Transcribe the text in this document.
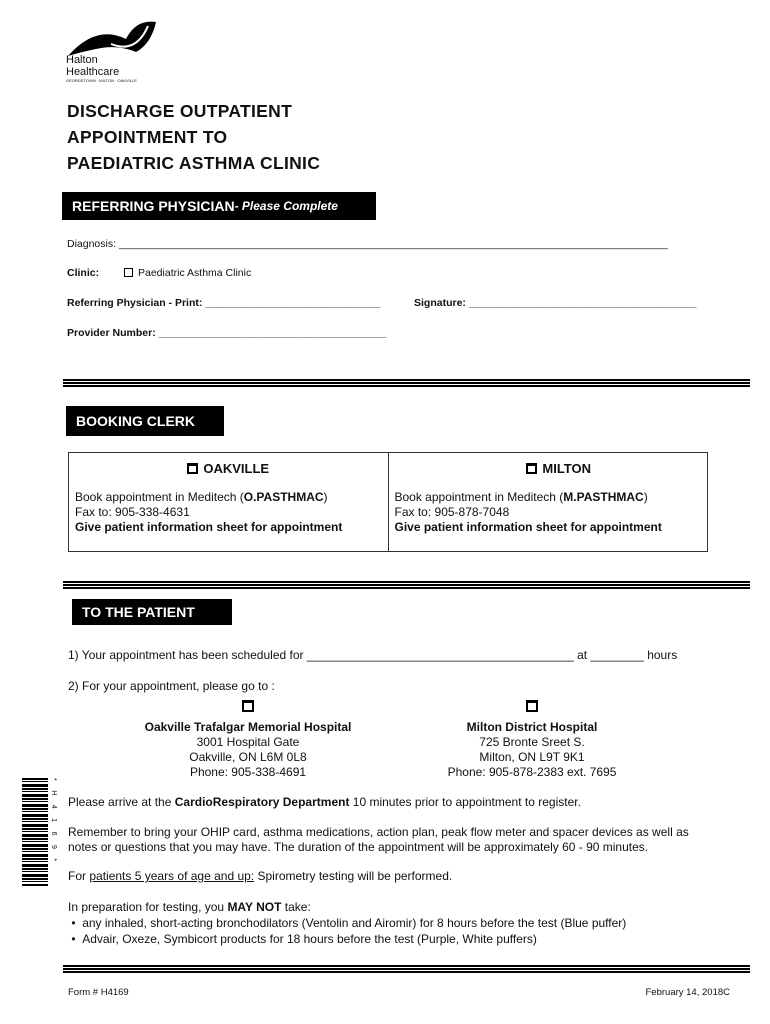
Halton
Healthcare
GEORGETOWN · MILTON · OAKVILLE
DISCHARGE OUTPATIENT
APPOINTMENT TO
PAEDIATRIC ASTHMA CLINIC
REFERRING PHYSICIAN - Please Complete
Diagnosis: ______________________________________________________________________________________________
Clinic:	Paediatric Asthma Clinic
Referring Physician - Print: ______________________________	Signature: _______________________________________
Provider Number: _______________________________________
BOOKING CLERK
OAKVILLE
Book appointment in Meditech (O.PASTHMAC)
Fax to: 905-338-4631
Give patient information sheet for appointment
MILTON
Book appointment in Meditech (M.PASTHMAC)
Fax to: 905-878-7048
Give patient information sheet for appointment
TO THE PATIENT
1) Your appointment has been scheduled for ________________________________________ at ________ hours
2) For your appointment, please go to :
Oakville Trafalgar Memorial Hospital
3001 Hospital Gate
Oakville, ON L6M 0L8
Phone: 905-338-4691
Milton District Hospital
725 Bronte Sreet S.
Milton, ON L9T 9K1
Phone: 905-878-2383 ext. 7695
*H4169* Please arrive at the CardioRespiratory Department 10 minutes prior to appointment to register.
Remember to bring your OHIP card, asthma medications, action plan, peak flow meter and spacer devices as well as
notes or questions that you may have. The duration of the appointment will be approximately 60 - 90 minutes.
For patients 5 years of age and up: Spirometry testing will be performed.
In preparation for testing, you MAY NOT take:
•  any inhaled, short-acting bronchodilators (Ventolin and Airomir) for 8 hours before the test (Blue puffer)
•  Advair, Oxeze, Symbicort products for 18 hours before the test (Purple, White puffers)
Form # H4169	February 14, 2018C
